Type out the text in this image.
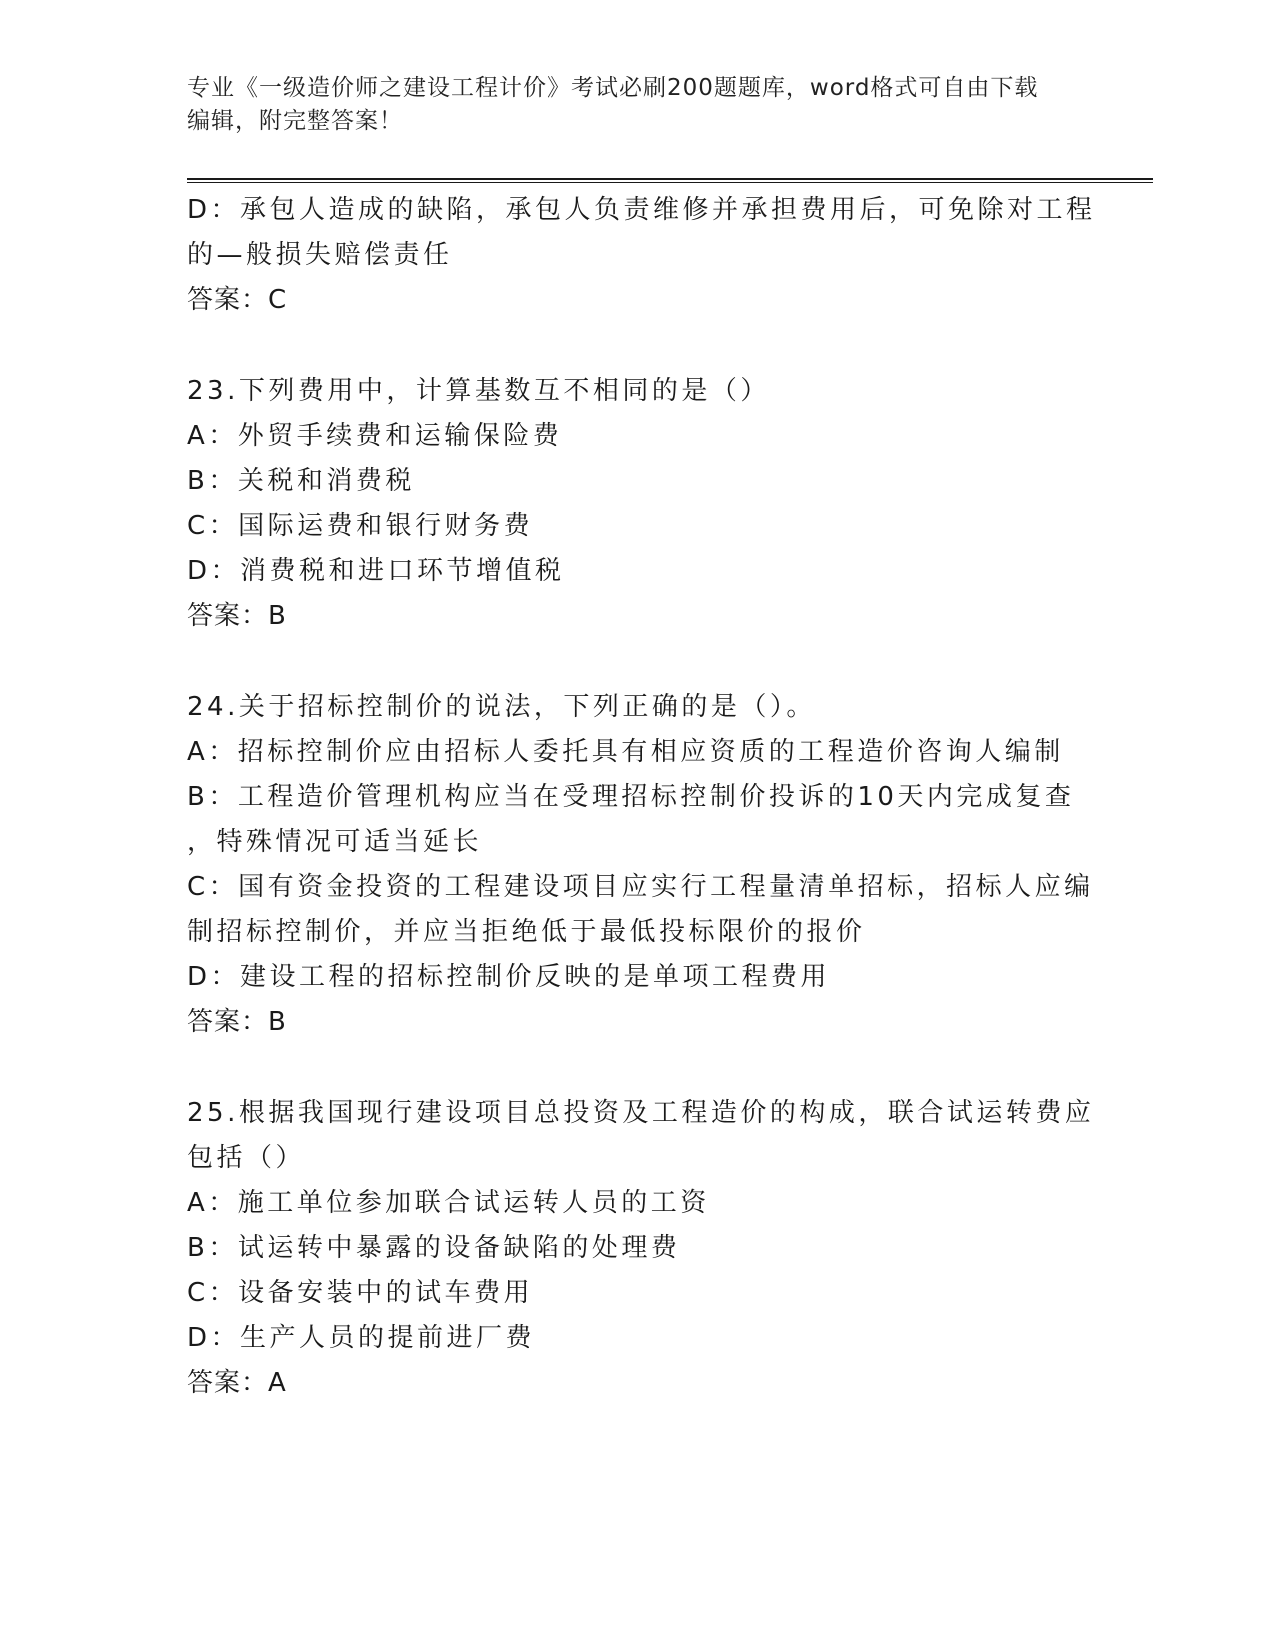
专业《一级造价师之建设工程计价》考试必刷200题题库，word格式可自由下载
编辑，附完整答案！
D：承包人造成的缺陷，承包人负责维修并承担费用后，可免除对工程
的—般损失赔偿责任
答案：C
23.下列费用中，计算基数互不相同的是（）
A：外贸手续费和运输保险费
B：关税和消费税
C：国际运费和银行财务费
D：消费税和进口环节增值税
答案：B
24.关于招标控制价的说法，下列正确的是（）。
A：招标控制价应由招标人委托具有相应资质的工程造价咨询人编制
B：工程造价管理机构应当在受理招标控制价投诉的10天内完成复查
，特殊情况可适当延长
C：国有资金投资的工程建设项目应实行工程量清单招标，招标人应编
制招标控制价，并应当拒绝低于最低投标限价的报价
D：建设工程的招标控制价反映的是单项工程费用
答案：B
25.根据我国现行建设项目总投资及工程造价的构成，联合试运转费应
包括（）
A：施工单位参加联合试运转人员的工资
B：试运转中暴露的设备缺陷的处理费
C：设备安装中的试车费用
D：生产人员的提前进厂费
答案：A
